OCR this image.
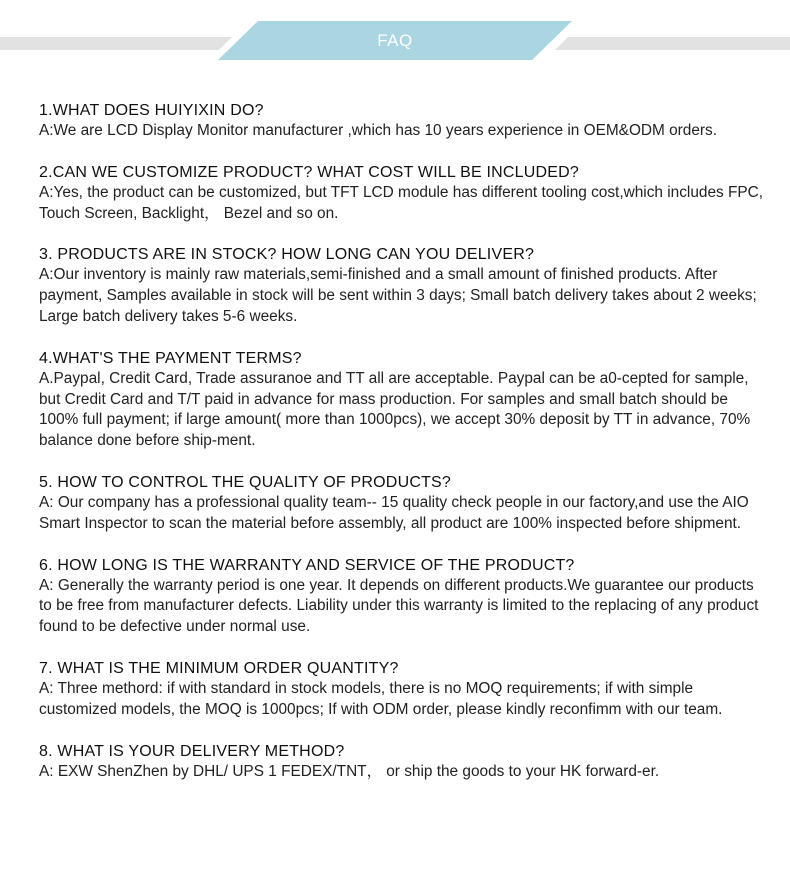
FAQ

1.WHAT DOES HUIYIXIN DO?

A:We are LCD Display Monitor manufacturer ,which has 10 years experience in OEM&ODM orders.

2.CAN WE CUSTOMIZE PRODUCT? WHAT COST WILL BE INCLUDED?

A:Yes, the product can be customized, but TFT LCD module has different tooling cost,which includes FPC, Touch Screen, Backlight， Bezel and so on.

3. PRODUCTS ARE IN STOCK? HOW LONG CAN YOU DELIVER?

A:Our inventory is mainly raw materials,semi-finished and a small amount of finished products. After payment, Samples available in stock will be sent within 3 days; Small batch delivery takes about 2 weeks; Large batch delivery takes 5-6 weeks.

4.WHAT'S THE PAYMENT TERMS?

A.Paypal, Credit Card, Trade assuranoe and TT all are acceptable. Paypal can be a0-cepted for sample, but Credit Card and T/T paid in advance for mass production. For samples and small batch should be 100% full payment; if large amount( more than 1000pcs), we accept 30% deposit by TT in advance, 70% balance done before ship-ment.

5. HOW TO CONTROL THE QUALITY OF PRODUCTS?

A: Our company has a professional quality team-- 15 quality check people in our factory,and use the AIO Smart Inspector to scan the material before assembly, all product are 100% inspected before shipment.

6. HOW LONG IS THE WARRANTY AND SERVICE OF THE PRODUCT?

A: Generally the warranty period is one year. It depends on different products.We guarantee our products to be free from manufacturer defects. Liability under this warranty is limited to the replacing of any product found to be defective under normal use.

7. WHAT IS THE MINIMUM ORDER QUANTITY?

A: Three methord: if with standard in stock models, there is no MOQ requirements; if with simple customized models, the MOQ is 1000pcs; If with ODM order, please kindly reconfimm with our team.

8. WHAT IS YOUR DELIVERY METHOD?

A: EXW ShenZhen by DHL/ UPS 1 FEDEX/TNT， or ship the goods to your HK forward-er.
